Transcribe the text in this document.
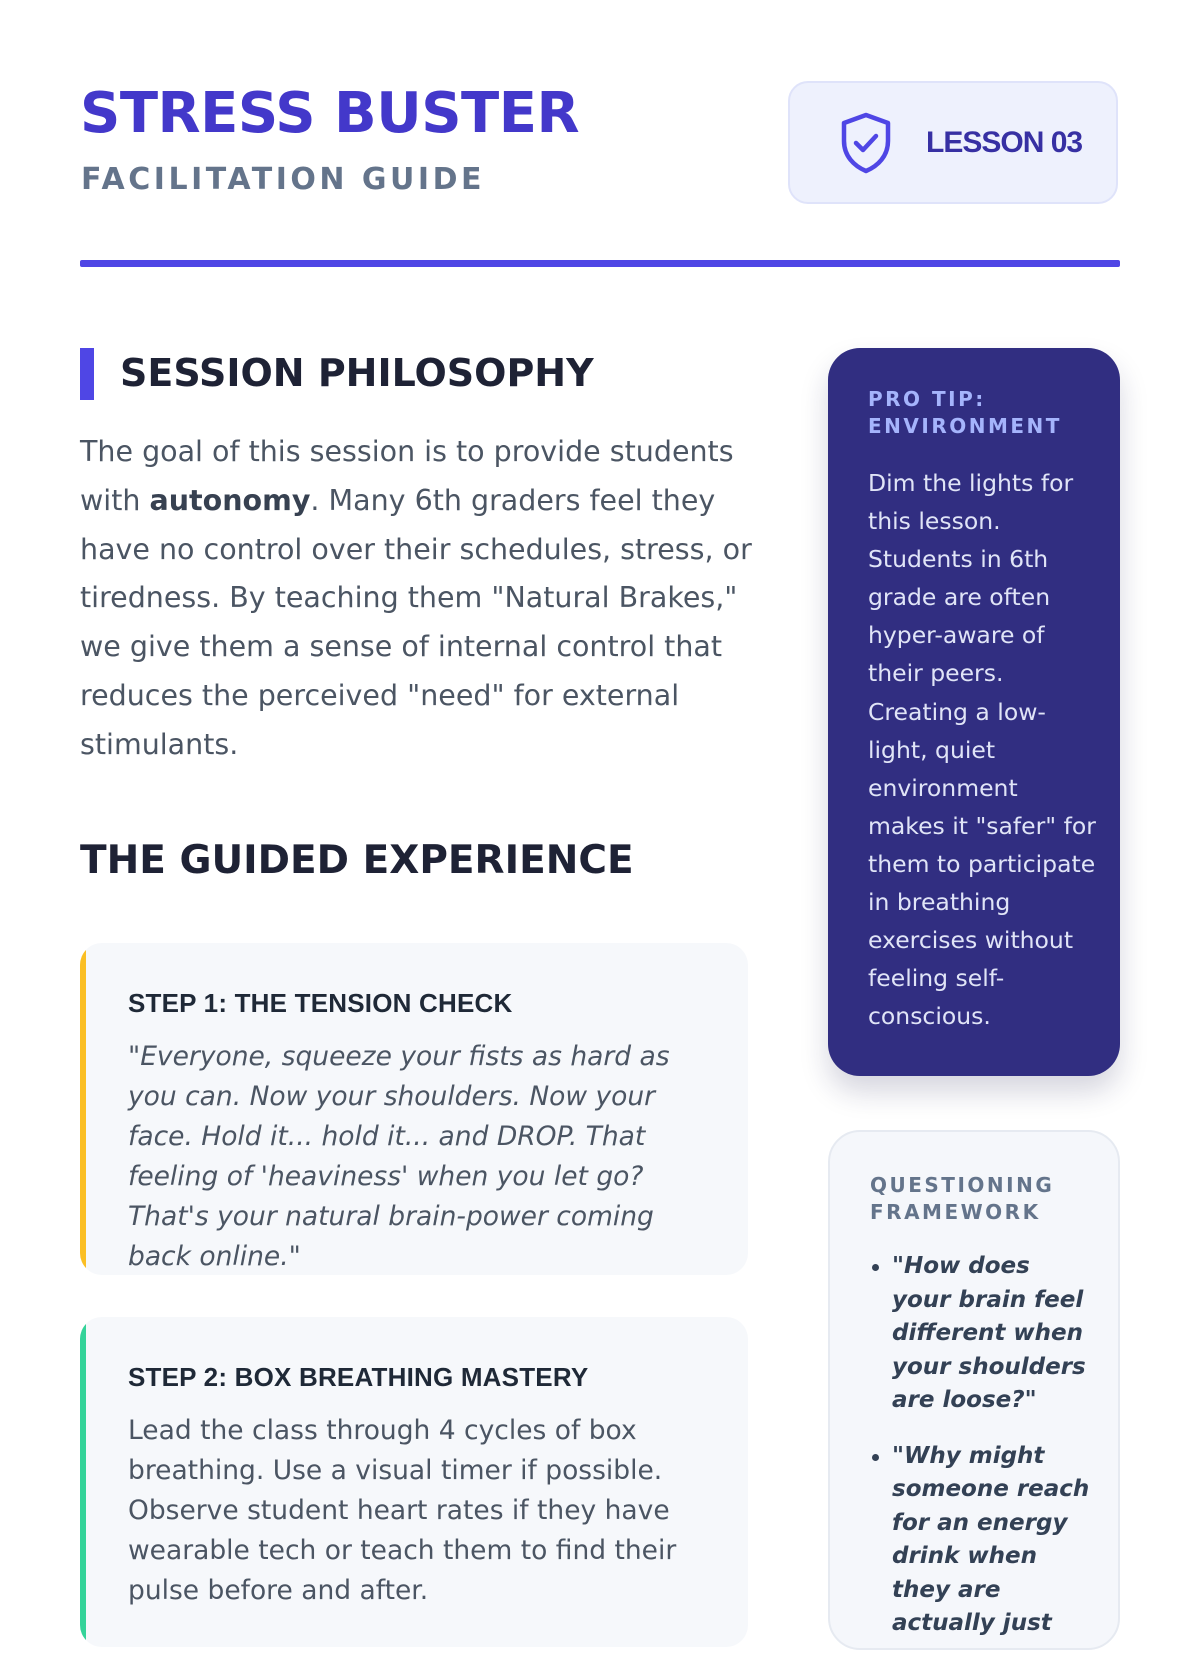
STRESS BUSTER
FACILITATION GUIDE
LESSON 03
SESSION PHILOSOPHY

The goal of this session is to provide students with autonomy. Many 6th graders feel they have no control over their schedules, stress, or tiredness. By teaching them "Natural Brakes," we give them a sense of internal control that reduces the perceived "need" for external stimulants.

THE GUIDED EXPERIENCE
STEP 1: THE TENSION CHECK

"Everyone, squeeze your fists as hard as you can. Now your shoulders. Now your face. Hold it... hold it... and DROP. That feeling of 'heaviness' when you let go? That's your natural brain-power coming back online."

STEP 2: BOX BREATHING MASTERY

Lead the class through 4 cycles of box breathing. Use a visual timer if possible. Observe student heart rates if they have wearable tech or teach them to find their pulse before and after.

PRO TIP: ENVIRONMENT

Dim the lights for this lesson. Students in 6th grade are often hyper-aware of their peers. Creating a low-light, quiet environment makes it "safer" for them to participate in breathing exercises without feeling self-conscious.

QUESTIONING FRAMEWORK
"How does your brain feel different when your shoulders are loose?"
"Why might someone reach for an energy drink when they are actually just
